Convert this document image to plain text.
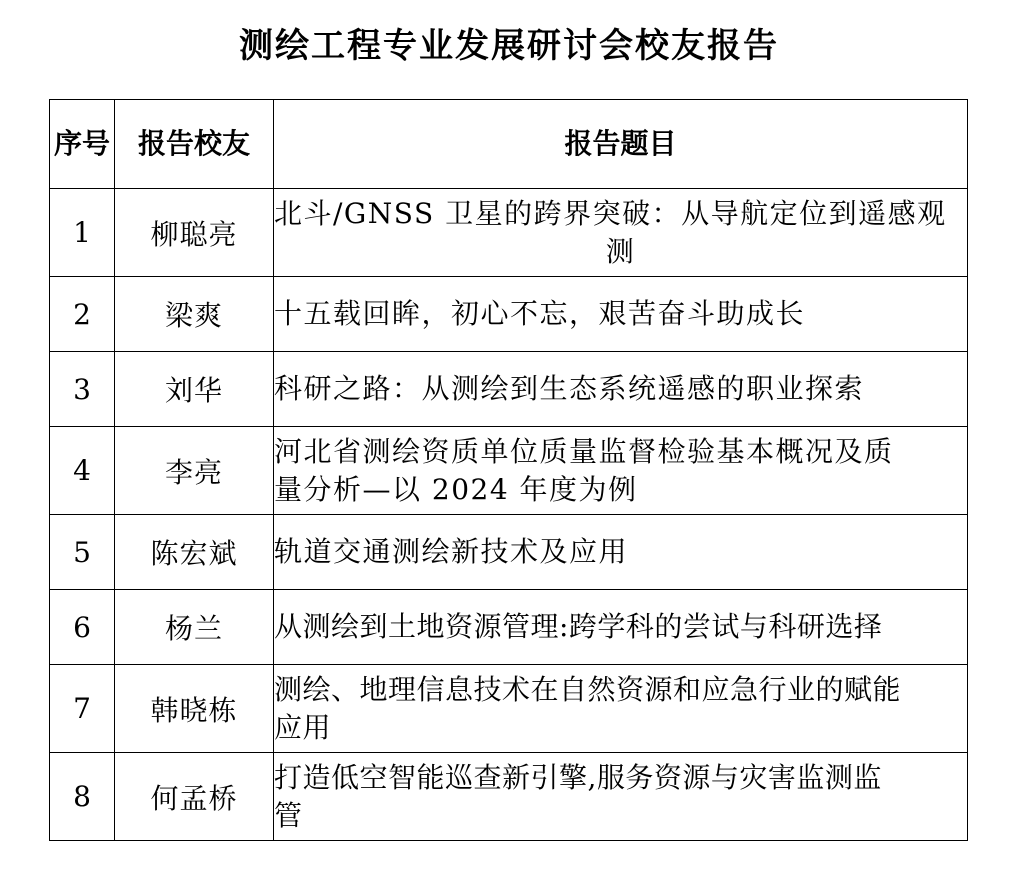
测绘工程专业发展研讨会校友报告
序号	报告校友	报告题目
1	柳聪亮	北斗/GNSS 卫星的跨界突破：从导航定位到遥感观
测

2	梁爽	十五载回眸，初心不忘，艰苦奋斗助成长
3	刘华	科研之路：从测绘到生态系统遥感的职业探索
4	李亮	河北省测绘资质单位质量监督检验基本概况及质
量分析—以 2024 年度为例
5	陈宏斌	轨道交通测绘新技术及应用
6	杨兰	从测绘到土地资源管理:跨学科的尝试与科研选择
7	韩晓栋	测绘、地理信息技术在自然资源和应急行业的赋能
应用
8	何孟桥	打造低空智能巡查新引擎,服务资源与灾害监测监
管
